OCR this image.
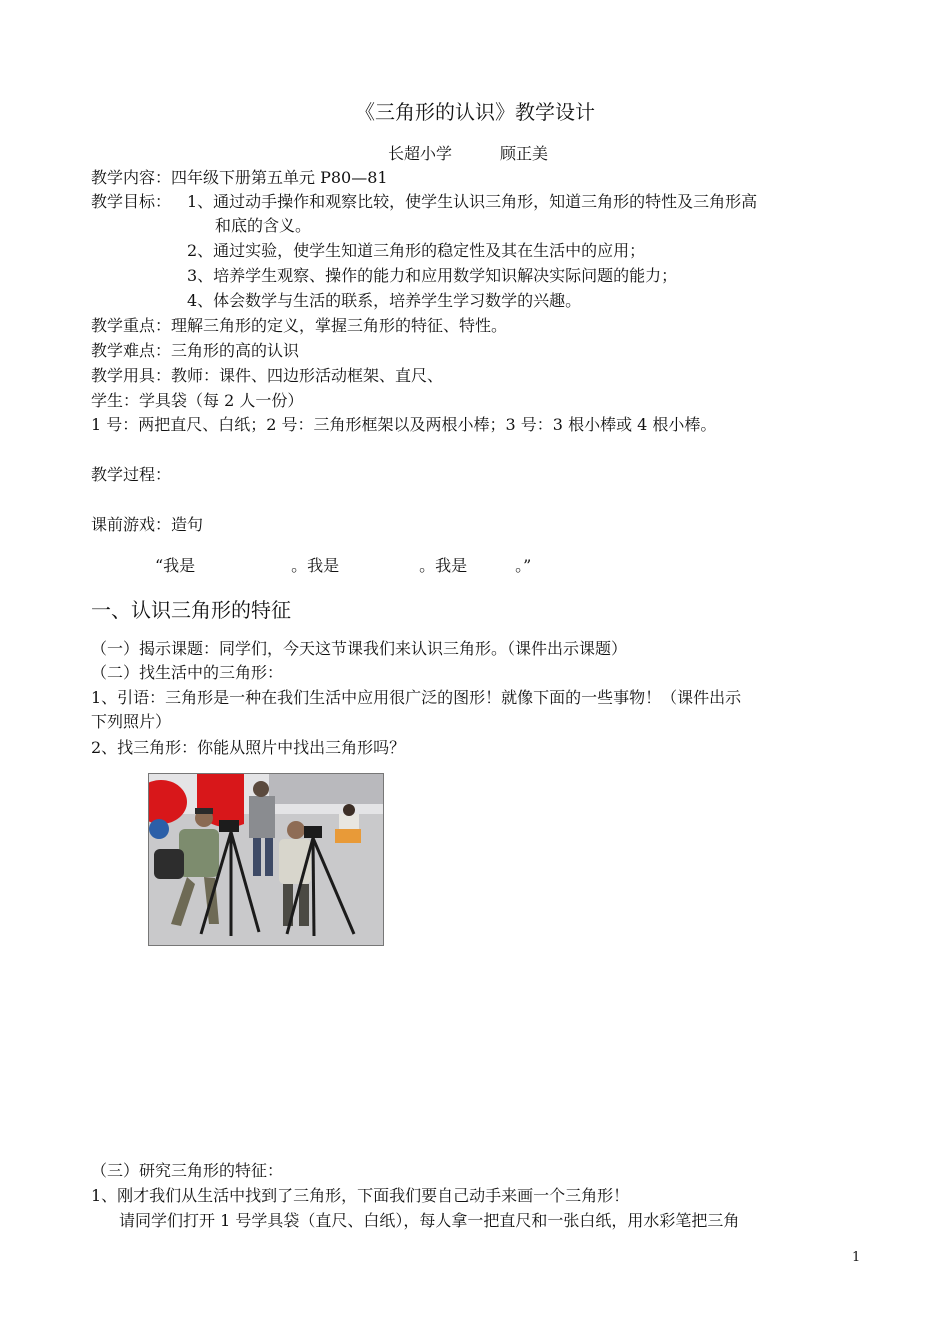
《三角形的认识》教学设计
长超小学　　　顾正美
教学内容：四年级下册第五单元 P80—81
教学目标： 1、通过动手操作和观察比较，使学生认识三角形，知道三角形的特性及三角形高
和底的含义。
2、通过实验，使学生知道三角形的稳定性及其在生活中的应用；
3、培养学生观察、操作的能力和应用数学知识解决实际问题的能力；
4、体会数学与生活的联系，培养学生学习数学的兴趣。
教学重点：理解三角形的定义，掌握三角形的特征、特性。
教学难点：三角形的高的认识
教学用具：教师：课件、四边形活动框架、直尺、
学生：学具袋（每 2 人一份）
1 号：两把直尺、白纸；2 号：三角形框架以及两根小棒；3 号：3 根小棒或 4 根小棒。
教学过程：
课前游戏：造句
“我是　　　　　　。我是　　　　　。我是　　　。”
一、认识三角形的特征
（一）揭示课题：同学们，今天这节课我们来认识三角形。（课件出示课题）
（二）找生活中的三角形：
1、引语：三角形是一种在我们生活中应用很广泛的图形！就像下面的一些事物！（课件出示
下列照片）
2、找三角形：你能从照片中找出三角形吗？
（三）研究三角形的特征：
1、刚才我们从生活中找到了三角形，下面我们要自己动手来画一个三角形！
请同学们打开 1 号学具袋（直尺、白纸），每人拿一把直尺和一张白纸，用水彩笔把三角
1
